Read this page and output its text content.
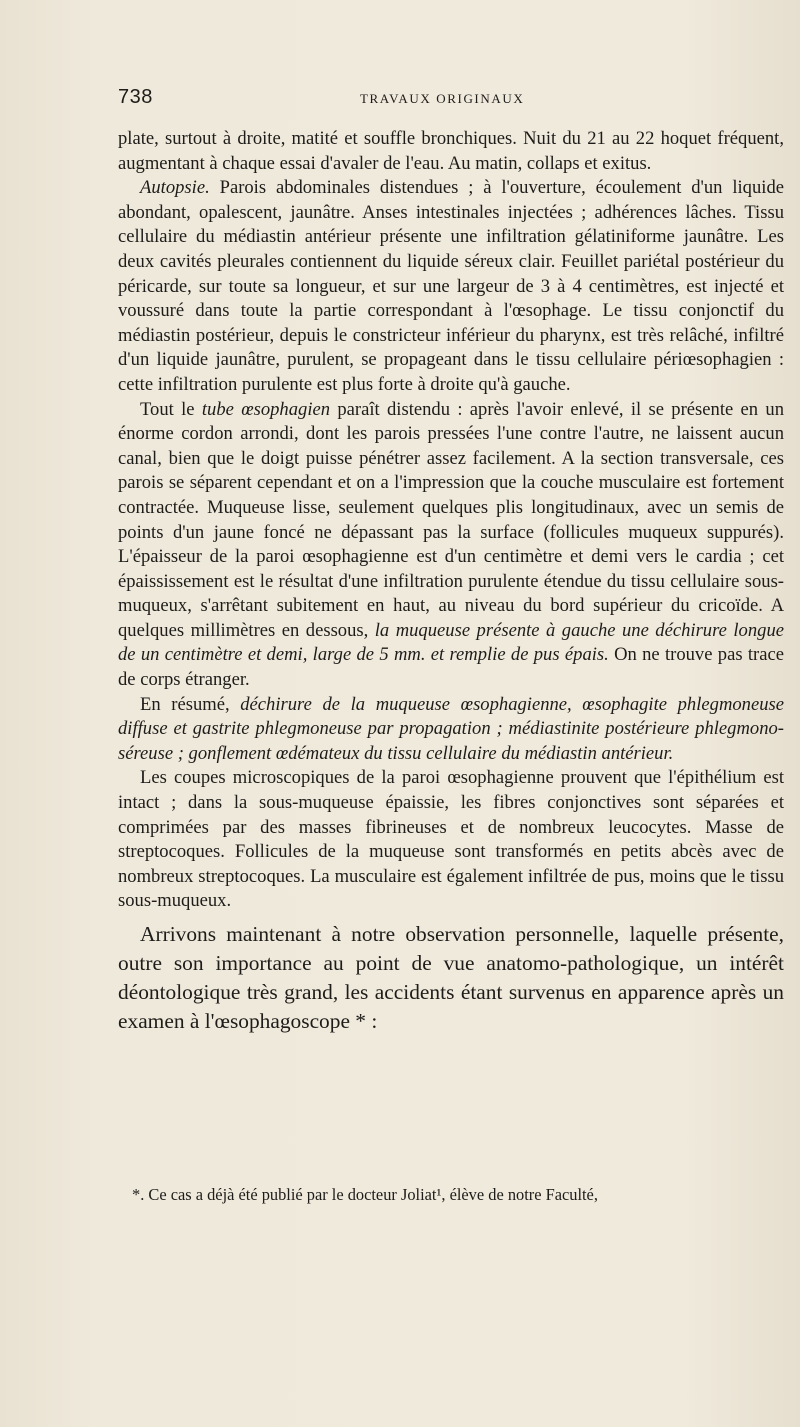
738	TRAVAUX ORIGINAUX

plate, surtout à droite, matité et souffle bronchiques. Nuit du 21 au 22 hoquet fréquent, augmentant à chaque essai d'avaler de l'eau. Au matin, collaps et exitus.

Autopsie. Parois abdominales distendues ; à l'ouverture, écoulement d'un liquide abondant, opalescent, jaunâtre. Anses intestinales injectées ; adhérences lâches. Tissu cellulaire du médiastin antérieur présente une infiltration gélatiniforme jaunâtre. Les deux cavités pleurales contiennent du liquide séreux clair. Feuillet pariétal postérieur du péricarde, sur toute sa longueur, et sur une largeur de 3 à 4 centimètres, est injecté et voussuré dans toute la partie correspondant à l'œsophage. Le tissu conjonctif du médiastin postérieur, depuis le constricteur inférieur du pharynx, est très relâché, infiltré d'un liquide jaunâtre, purulent, se propageant dans le tissu cellulaire périœsophagien : cette infiltration purulente est plus forte à droite qu'à gauche.

Tout le tube œsophagien paraît distendu : après l'avoir enlevé, il se présente en un énorme cordon arrondi, dont les parois pressées l'une contre l'autre, ne laissent aucun canal, bien que le doigt puisse pénétrer assez facilement. A la section transversale, ces parois se séparent cependant et on a l'impression que la couche musculaire est fortement contractée. Muqueuse lisse, seulement quelques plis longitudinaux, avec un semis de points d'un jaune foncé ne dépassant pas la surface (follicules muqueux suppurés). L'épaisseur de la paroi œsophagienne est d'un centimètre et demi vers le cardia ; cet épaississement est le résultat d'une infiltration purulente étendue du tissu cellulaire sous-muqueux, s'arrêtant subitement en haut, au niveau du bord supérieur du cricoïde. A quelques millimètres en dessous, la muqueuse présente à gauche une déchirure longue de un centimètre et demi, large de 5 mm. et remplie de pus épais. On ne trouve pas trace de corps étranger.

En résumé, déchirure de la muqueuse œsophagienne, œsophagite phlegmoneuse diffuse et gastrite phlegmoneuse par propagation ; médiastinite postérieure phlegmono-séreuse ; gonflement œdémateux du tissu cellulaire du médiastin antérieur.

Les coupes microscopiques de la paroi œsophagienne prouvent que l'épithélium est intact ; dans la sous-muqueuse épaissie, les fibres conjonctives sont séparées et comprimées par des masses fibrineuses et de nombreux leucocytes. Masse de streptocoques. Follicules de la muqueuse sont transformés en petits abcès avec de nombreux streptocoques. La musculaire est également infiltrée de pus, moins que le tissu sous-muqueux.

Arrivons maintenant à notre observation personnelle, laquelle présente, outre son importance au point de vue anatomo-pathologique, un intérêt déontologique très grand, les accidents étant survenus en apparence après un examen à l'œsophagoscope * :

*. Ce cas a déjà été publié par le docteur Joliat¹, élève de notre Faculté,
